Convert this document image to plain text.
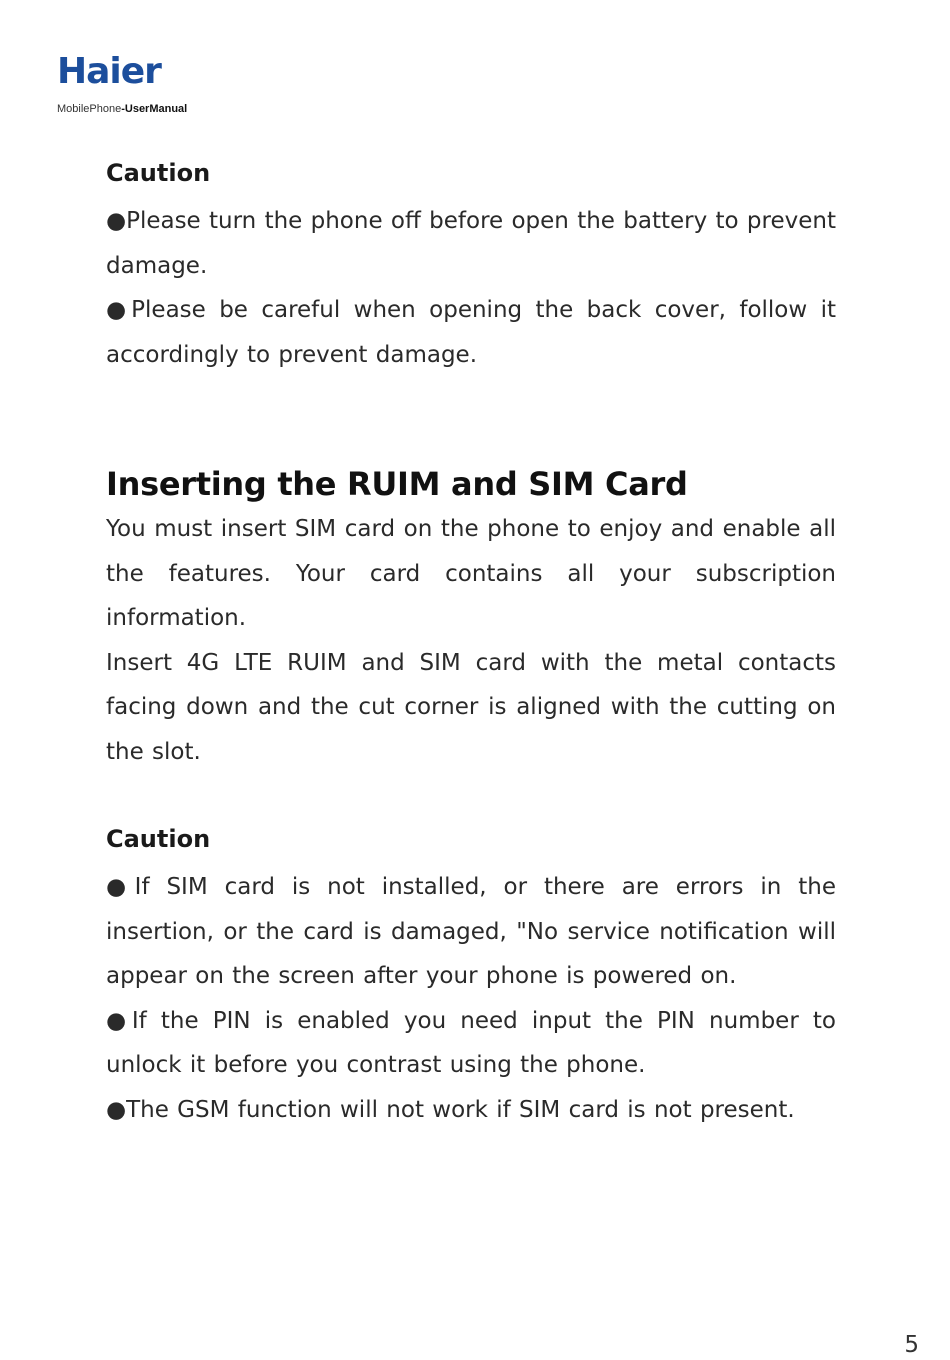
Haier
MobilePhone-UserManual
Caution

●Please turn the phone off before open the battery to prevent damage.

●Please be careful when opening the back cover, follow it accordingly to prevent damage.

Inserting the RUIM and SIM Card

You must insert SIM card on the phone to enjoy and enable all the features. Your card contains all your subscription information.

Insert 4G LTE RUIM and SIM card with the metal contacts facing down and the cut corner is aligned with the cutting on the slot.

Caution

●If SIM card is not installed, or there are errors in the insertion, or the card is damaged, "No service notification will appear on the screen after your phone is powered on.

●If the PIN is enabled you need input the PIN number to unlock it before you contrast using the phone.

●The GSM function will not work if SIM card is not present.

5
